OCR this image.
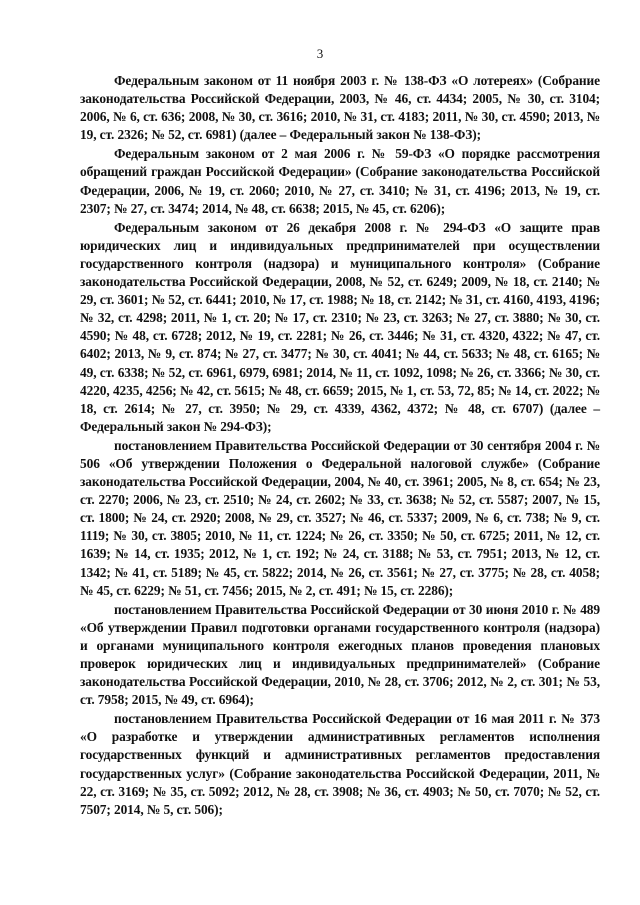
3

Федеральным законом от 11 ноября 2003 г. № 138-ФЗ «О лотереях» (Собрание законодательства Российской Федерации, 2003, № 46, ст. 4434; 2005, № 30, ст. 3104; 2006, № 6, ст. 636; 2008, № 30, ст. 3616; 2010, № 31, ст. 4183; 2011, № 30, ст. 4590; 2013, № 19, ст. 2326; № 52, ст. 6981) (далее – Федеральный закон № 138-ФЗ);

Федеральным законом от 2 мая 2006 г. № 59-ФЗ «О порядке рассмотрения обращений граждан Российской Федерации» (Собрание законодательства Российской Федерации, 2006, № 19, ст. 2060; 2010, № 27, ст. 3410; № 31, ст. 4196; 2013, № 19, ст. 2307; № 27, ст. 3474; 2014, № 48, ст. 6638; 2015, № 45, ст. 6206);

Федеральным законом от 26 декабря 2008 г. № 294-ФЗ «О защите прав юридических лиц и индивидуальных предпринимателей при осуществлении государственного контроля (надзора) и муниципального контроля» (Собрание законодательства Российской Федерации, 2008, № 52, ст. 6249; 2009, № 18, ст. 2140; № 29, ст. 3601; № 52, ст. 6441; 2010, № 17, ст. 1988; № 18, ст. 2142; № 31, ст. 4160, 4193, 4196; № 32, ст. 4298; 2011, № 1, ст. 20; № 17, ст. 2310; № 23, ст. 3263; № 27, ст. 3880; № 30, ст. 4590; № 48, ст. 6728; 2012, № 19, ст. 2281; № 26, ст. 3446; № 31, ст. 4320, 4322; № 47, ст. 6402; 2013, № 9, ст. 874; № 27, ст. 3477; № 30, ст. 4041; № 44, ст. 5633; № 48, ст. 6165; № 49, ст. 6338; № 52, ст. 6961, 6979, 6981; 2014, № 11, ст. 1092, 1098; № 26, ст. 3366; № 30, ст. 4220, 4235, 4256; № 42, ст. 5615; № 48, ст. 6659; 2015, № 1, ст. 53, 72, 85; № 14, ст. 2022; № 18, ст. 2614; № 27, ст. 3950; № 29, ст. 4339, 4362, 4372; № 48, ст. 6707) (далее – Федеральный закон № 294-ФЗ);

постановлением Правительства Российской Федерации от 30 сентября 2004 г. № 506 «Об утверждении Положения о Федеральной налоговой службе» (Собрание законодательства Российской Федерации, 2004, № 40, ст. 3961; 2005, № 8, ст. 654; № 23, ст. 2270; 2006, № 23, ст. 2510; № 24, ст. 2602; № 33, ст. 3638; № 52, ст. 5587; 2007, № 15, ст. 1800; № 24, ст. 2920; 2008, № 29, ст. 3527; № 46, ст. 5337; 2009, № 6, ст. 738; № 9, ст. 1119; № 30, ст. 3805; 2010, № 11, ст. 1224; № 26, ст. 3350; № 50, ст. 6725; 2011, № 12, ст. 1639; № 14, ст. 1935; 2012, № 1, ст. 192; № 24, ст. 3188; № 53, ст. 7951; 2013, № 12, ст. 1342; № 41, ст. 5189; № 45, ст. 5822; 2014, № 26, ст. 3561; № 27, ст. 3775; № 28, ст. 4058; № 45, ст. 6229; № 51, ст. 7456; 2015, № 2, ст. 491; № 15, ст. 2286);

постановлением Правительства Российской Федерации от 30 июня 2010 г. № 489 «Об утверждении Правил подготовки органами государственного контроля (надзора) и органами муниципального контроля ежегодных планов проведения плановых проверок юридических лиц и индивидуальных предпринимателей» (Собрание законодательства Российской Федерации, 2010, № 28, ст. 3706; 2012, № 2, ст. 301; № 53, ст. 7958; 2015, № 49, ст. 6964);

постановлением Правительства Российской Федерации от 16 мая 2011 г. № 373 «О разработке и утверждении административных регламентов исполнения государственных функций и административных регламентов предоставления государственных услуг» (Собрание законодательства Российской Федерации, 2011, № 22, ст. 3169; № 35, ст. 5092; 2012, № 28, ст. 3908; № 36, ст. 4903; № 50, ст. 7070; № 52, ст. 7507; 2014, № 5, ст. 506);
